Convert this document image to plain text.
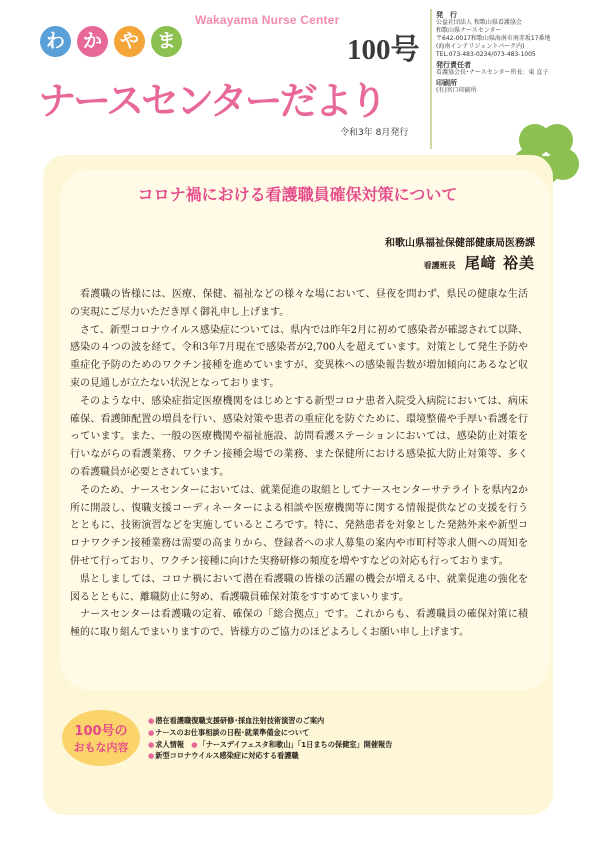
わ か や ま
Wakayama Nurse Center
100号
ナースセンターだより
令和3年 8月発行
発　行
公益社団法人 和歌山県看護協会
和歌山県ナースセンター
〒642-0017和歌山県海南市南赤坂17番地
(海南インテリジェントパーク内)
TEL.073-483-0234/073-483-1005
発行責任者
看護協会長･ナースセンター所長：東 直子
印刷所
(有)宮口印刷所
コロナ禍における看護職員確保対策について
和歌山県福祉保健部健康局医務課
看護班長 尾﨑 裕美

看護職の皆様には、医療、保健、福祉などの様々な場において、昼夜を問わず、県民の健康な生活の実現にご尽力いただき厚く御礼申し上げます。

さて、新型コロナウイルス感染症については、県内では昨年2月に初めて感染者が確認されて以降、感染の４つの波を経て、令和3年7月現在で感染者が2,700人を超えています。対策として発生予防や重症化予防のためのワクチン接種を進めていますが、変異株への感染報告数が増加傾向にあるなど収束の見通しが立たない状況となっております。

そのような中、感染症指定医療機関をはじめとする新型コロナ患者入院受入病院においては、病床確保、看護師配置の増員を行い、感染対策や患者の重症化を防ぐために、環境整備や手厚い看護を行っています。また、一般の医療機関や福祉施設、訪問看護ステーションにおいては、感染防止対策を行いながらの看護業務、ワクチン接種会場での業務、また保健所における感染拡大防止対策等、多くの看護職員が必要とされています。

そのため、ナースセンターにおいては、就業促進の取組としてナースセンターサテライトを県内2か所に開設し、復職支援コーディネーターによる相談や医療機関等に関する情報提供などの支援を行うとともに、技術演習などを実施しているところです。特に、発熱患者を対象とした発熱外来や新型コロナワクチン接種業務は需要の高まりから、登録者への求人募集の案内や市町村等求人側への周知を併せて行っており、ワクチン接種に向けた実務研修の頻度を増やすなどの対応も行っております。

県としましては、コロナ禍において潜在看護職の皆様の活躍の機会が増える中、就業促進の強化を図るとともに、離職防止に努め、看護職員確保対策をすすめてまいります。

ナースセンターは看護職の定着、確保の「総合拠点」です。これからも、看護職員の確保対策に積極的に取り組んでまいりますので、皆様方のご協力のほどよろしくお願い申し上げます。

100号の
おもな内容
●潜在看護職復職支援研修･採血注射技術演習のご案内
●ナースのお仕事相談の日程･就業準備金について
●求人情報　 ●「ナースデイフェスタ和歌山」「1日まちの保健室」開催報告
●新型コロナウイルス感染症に対応する看護職
